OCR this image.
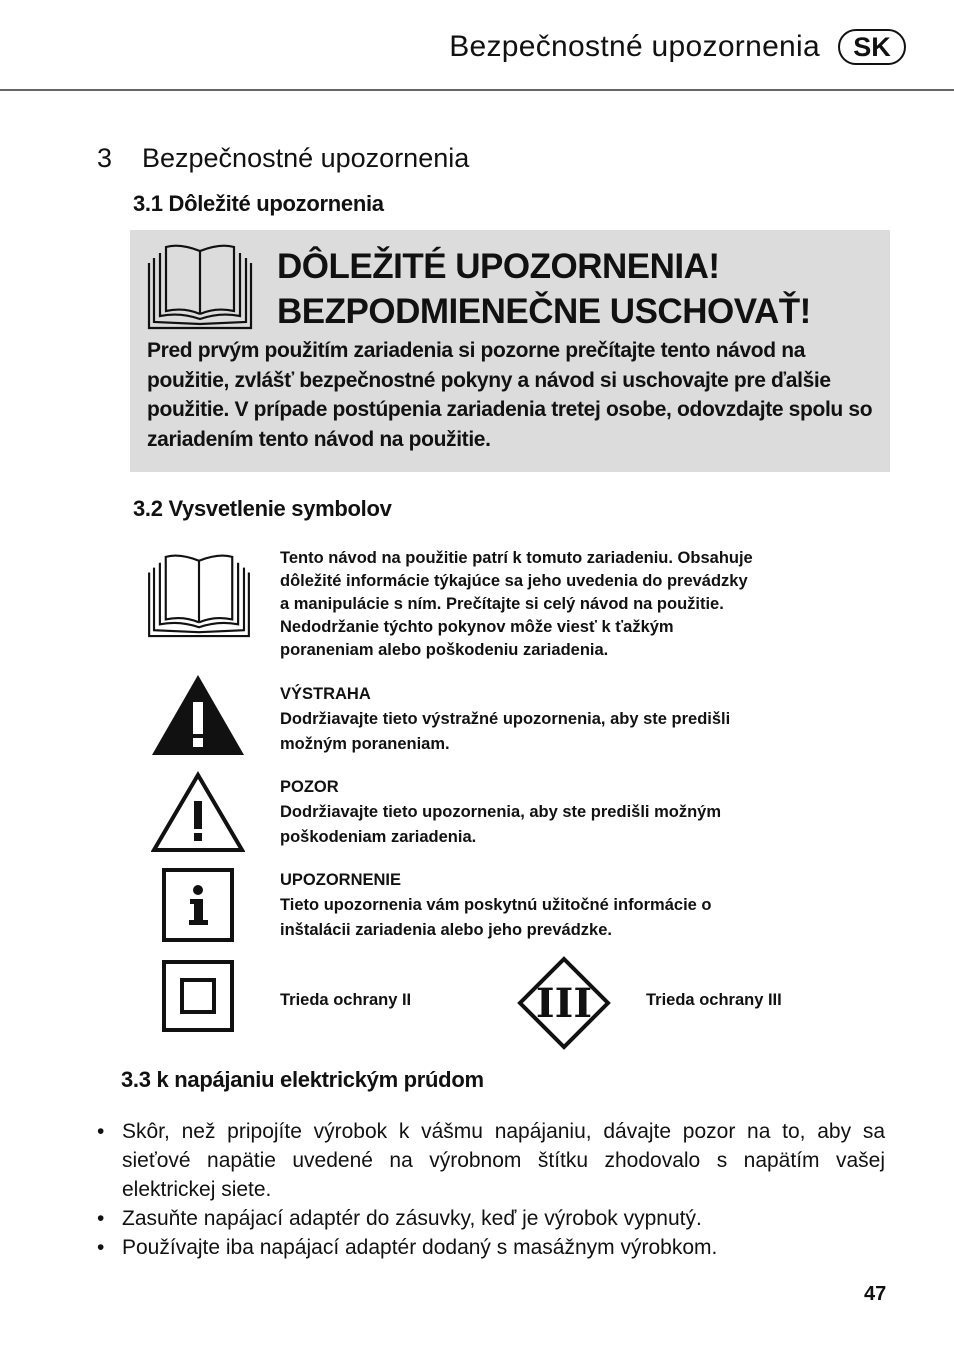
Bezpečnostné upozornenia	SK
3 Bezpečnostné upozornenia
3.1 Dôležité upozornenia
DÔLEŽITÉ UPOZORNENIA!
BEZPODMIENEČNE USCHOVAŤ!
Pred prvým použitím zariadenia si pozorne prečítajte tento návod na použitie, zvlášť bezpečnostné pokyny a návod si uschovajte pre ďalšie použitie. V prípade postúpenia zariadenia tretej osobe, odovzdajte spolu so zariadením tento návod na použitie.
3.2 Vysvetlenie symbolov
Tento návod na použitie patrí k tomuto zariadeniu. Obsahuje
dôležité informácie týkajúce sa jeho uvedenia do prevádzky
a manipulácie s ním. Prečítajte si celý návod na použitie.
Nedodržanie týchto pokynov môže viesť k ťažkým
poraneniam alebo poškodeniu zariadenia.
VÝSTRAHA
Dodržiavajte tieto výstražné upozornenia, aby ste predišli
možným poraneniam.
POZOR
Dodržiavajte tieto upozornenia, aby ste predišli možným
poškodeniam zariadenia.
UPOZORNENIE
Tieto upozornenia vám poskytnú užitočné informácie o
inštalácii zariadenia alebo jeho prevádzke.
Trieda ochrany II	III	Trieda ochrany III
3.3 k napájaniu elektrickým prúdom
• Skôr, než pripojíte výrobok k vášmu napájaniu, dávajte pozor na to, aby sa sieťové napätie uvedené na výrobnom štítku zhodovalo s napätím vašej elektrickej siete.
• Zasuňte napájací adaptér do zásuvky, keď je výrobok vypnutý.
• Používajte iba napájací adaptér dodaný s masážnym výrobkom.
47
